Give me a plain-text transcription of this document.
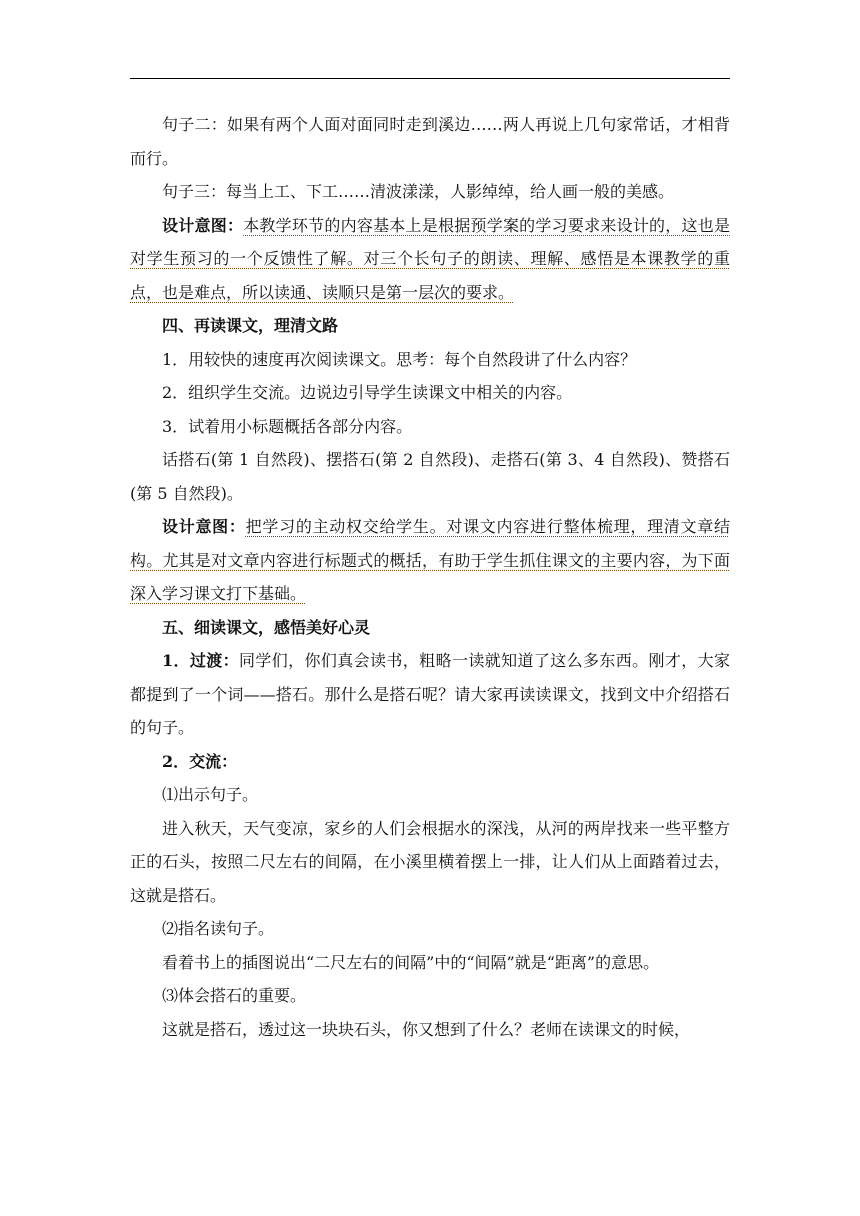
句子二：如果有两个人面对面同时走到溪边……两人再说上几句家常话，才相背而行。

句子三：每当上工、下工……清波漾漾，人影绰绰，给人画一般的美感。

设计意图：本教学环节的内容基本上是根据预学案的学习要求来设计的，这也是对学生预习的一个反馈性了解。对三个长句子的朗读、理解、感悟是本课教学的重点，也是难点，所以读通、读顺只是第一层次的要求。

四、再读课文，理清文路

1．用较快的速度再次阅读课文。思考：每个自然段讲了什么内容？

2．组织学生交流。边说边引导学生读课文中相关的内容。

3．试着用小标题概括各部分内容。

话搭石(第 1 自然段)、摆搭石(第 2 自然段)、走搭石(第 3、4 自然段)、赞搭石(第 5 自然段)。

设计意图：把学习的主动权交给学生。对课文内容进行整体梳理，理清文章结构。尤其是对文章内容进行标题式的概括，有助于学生抓住课文的主要内容，为下面深入学习课文打下基础。

五、细读课文，感悟美好心灵

1．过渡：同学们，你们真会读书，粗略一读就知道了这么多东西。刚才，大家都提到了一个词——搭石。那什么是搭石呢？请大家再读读课文，找到文中介绍搭石的句子。

2．交流：

⑴出示句子。

进入秋天，天气变凉，家乡的人们会根据水的深浅，从河的两岸找来一些平整方正的石头，按照二尺左右的间隔，在小溪里横着摆上一排，让人们从上面踏着过去，这就是搭石。

⑵指名读句子。

看着书上的插图说出“二尺左右的间隔”中的“间隔”就是“距离”的意思。

⑶体会搭石的重要。

这就是搭石，透过这一块块石头，你又想到了什么？老师在读课文的时候，
